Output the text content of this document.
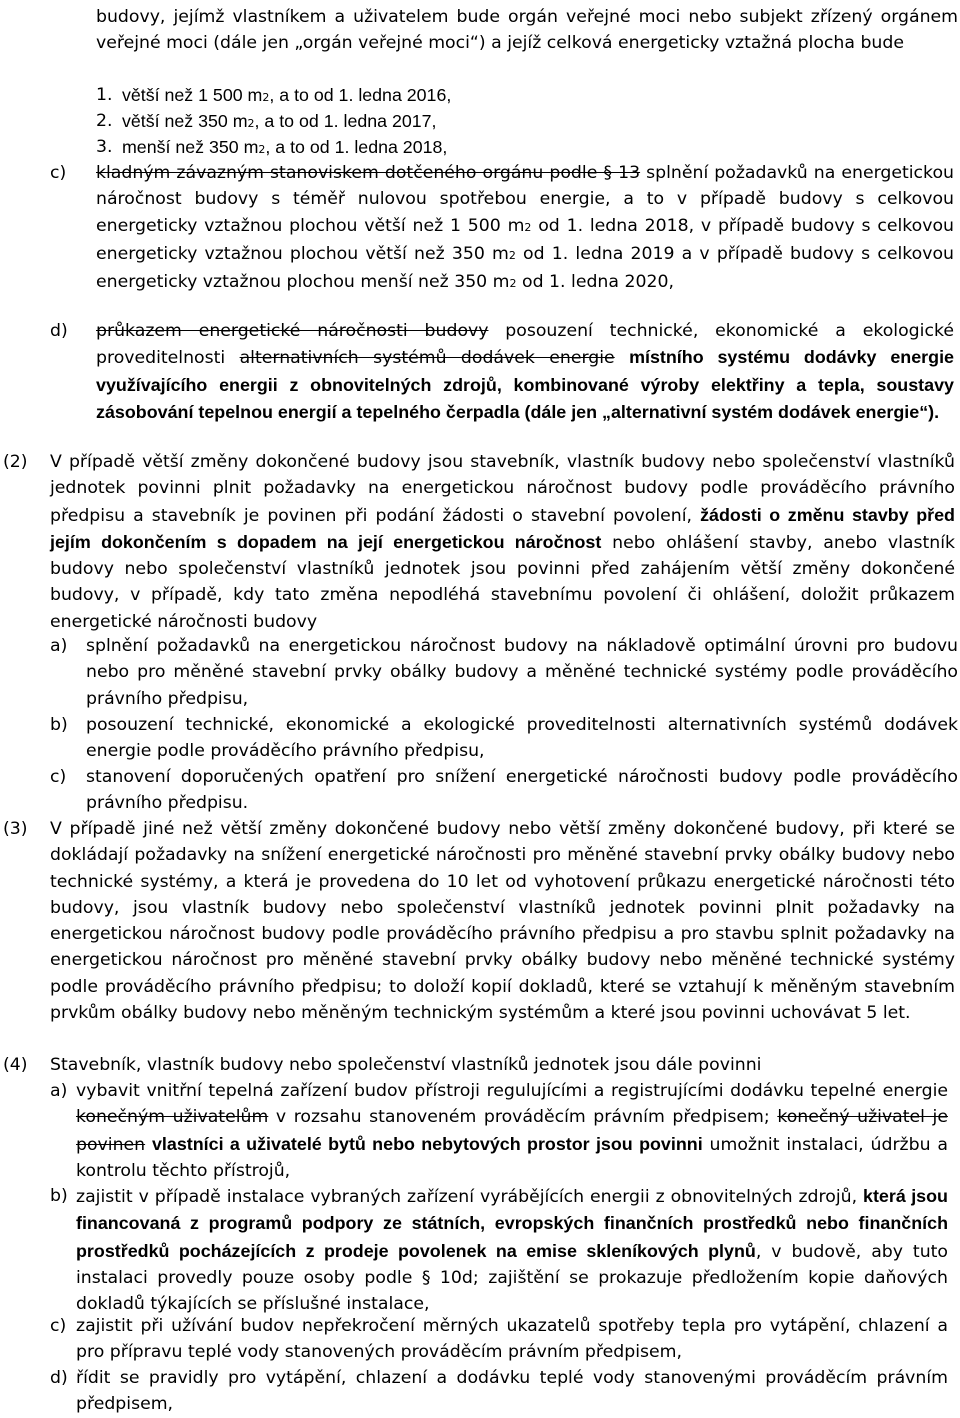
budovy, jejímž vlastníkem a uživatelem bude orgán veřejné moci nebo subjekt zřízený orgánem veřejné moci (dále jen „orgán veřejné moci“) a jejíž celková energeticky vztažná plocha bude
1. větší než 1 500 m2, a to od 1. ledna 2016,
2. větší než 350 m2, a to od 1. ledna 2017,
3. menší než 350 m2, a to od 1. ledna 2018,
c) kladným závazným stanoviskem dotčeného orgánu podle § 13 splnění požadavků na energetickou náročnost budovy s téměř nulovou spotřebou energie, a to v případě budovy s celkovou energeticky vztažnou plochou větší než 1 500 m2 od 1. ledna 2018, v případě budovy s celkovou energeticky vztažnou plochou větší než 350 m2 od 1. ledna 2019 a v případě budovy s celkovou energeticky vztažnou plochou menší než 350 m2 od 1. ledna 2020,
d) průkazem energetické náročnosti budovy posouzení technické, ekonomické a ekologické proveditelnosti alternativních systémů dodávek energie místního systému dodávky energie využívajícího energii z obnovitelných zdrojů, kombinované výroby elektřiny a tepla, soustavy zásobování tepelnou energií a tepelného čerpadla (dále jen „alternativní systém dodávek energie“).
(2) V případě větší změny dokončené budovy jsou stavebník, vlastník budovy nebo společenství vlastníků jednotek povinni plnit požadavky na energetickou náročnost budovy podle prováděcího právního předpisu a stavebník je povinen při podání žádosti o stavební povolení, žádosti o změnu stavby před jejím dokončením s dopadem na její energetickou náročnost nebo ohlášení stavby, anebo vlastník budovy nebo společenství vlastníků jednotek jsou povinni před zahájením větší změny dokončené budovy, v případě, kdy tato změna nepodléhá stavebnímu povolení či ohlášení, doložit průkazem energetické náročnosti budovy
a) splnění požadavků na energetickou náročnost budovy na nákladově optimální úrovni pro budovu nebo pro měněné stavební prvky obálky budovy a měněné technické systémy podle prováděcího právního předpisu,
b) posouzení technické, ekonomické a ekologické proveditelnosti alternativních systémů dodávek energie podle prováděcího právního předpisu,
c) stanovení doporučených opatření pro snížení energetické náročnosti budovy podle prováděcího právního předpisu.
(3) V případě jiné než větší změny dokončené budovy nebo větší změny dokončené budovy, při které se dokládají požadavky na snížení energetické náročnosti pro měněné stavební prvky obálky budovy nebo technické systémy, a která je provedena do 10 let od vyhotovení průkazu energetické náročnosti této budovy, jsou vlastník budovy nebo společenství vlastníků jednotek povinni plnit požadavky na energetickou náročnost budovy podle prováděcího právního předpisu a pro stavbu splnit požadavky na energetickou náročnost pro měněné stavební prvky obálky budovy nebo měněné technické systémy podle prováděcího právního předpisu; to doloží kopií dokladů, které se vztahují k měněným stavebním prvkům obálky budovy nebo měněným technickým systémům a které jsou povinni uchovávat 5 let.
(4) Stavebník, vlastník budovy nebo společenství vlastníků jednotek jsou dále povinni
a) vybavit vnitřní tepelná zařízení budov přístroji regulujícími a registrujícími dodávku tepelné energie konečným uživatelům v rozsahu stanoveném prováděcím právním předpisem; konečný uživatel je povinen vlastníci a uživatelé bytů nebo nebytových prostor jsou povinni umožnit instalaci, údržbu a kontrolu těchto přístrojů,
b) zajistit v případě instalace vybraných zařízení vyrábějících energii z obnovitelných zdrojů, která jsou financovaná z programů podpory ze státních, evropských finančních prostředků nebo finančních prostředků pocházejících z prodeje povolenek na emise skleníkových plynů, v budově, aby tuto instalaci provedly pouze osoby podle § 10d; zajištění se prokazuje předložením kopie daňových dokladů týkajících se příslušné instalace,
c) zajistit při užívání budov nepřekročení měrných ukazatelů spotřeby tepla pro vytápění, chlazení a pro přípravu teplé vody stanovených prováděcím právním předpisem,
d) řídit se pravidly pro vytápění, chlazení a dodávku teplé vody stanovenými prováděcím právním předpisem,
